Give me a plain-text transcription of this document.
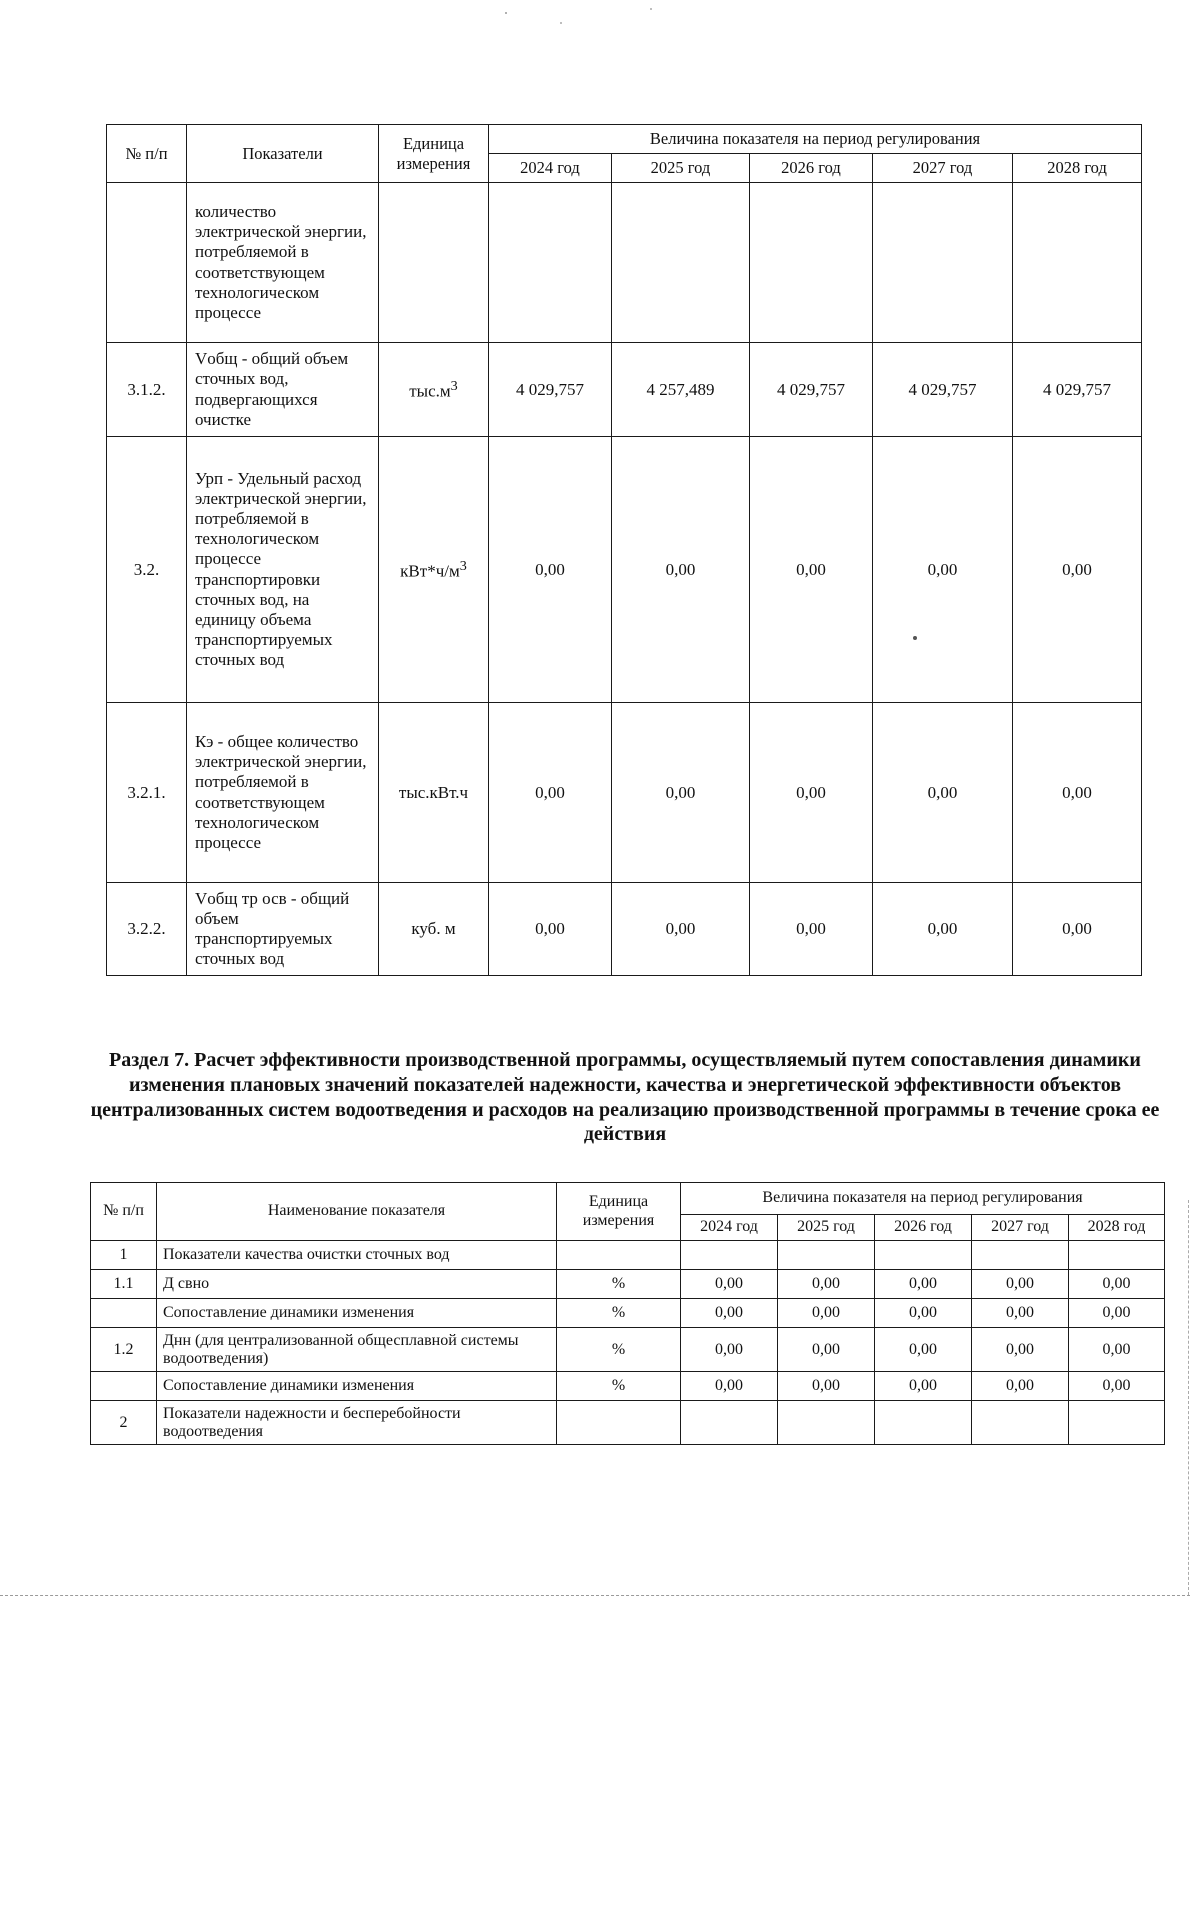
№ п/п	Показатели	Единица измерения	Величина показателя на период регулирования				
			2024 год	2025 год	2026 год	2027 год	2028 год
	количество электрической энергии, потребляемой в соответствующем технологическом процессе						
3.1.2.	Vобщ - общий объем сточных вод, подвергающихся очистке	$тыс.м^3$	4 029,757	4 257,489	4 029,757	4 029,757	4 029,757
3.2.	Урп - Удельный расход электрической энергии, потребляемой в технологическом процессе транспортировки сточных вод, на единицу объема транспортируемых сточных вод	$кВт*ч/м^3$	0,00	0,00	0,00	0,00	0,00
3.2.1.	Кэ - общее количество электрической энергии, потребляемой в соответствующем технологическом процессе	тыс.кВт.ч	0,00	0,00	0,00	0,00	0,00
3.2.2.	Vобщ тр осв - общий объем транспортируемых сточных вод	куб. м	0,00	0,00	0,00	0,00	0,00
Раздел 7. Расчет эффективности производственной программы, осуществляемый путем сопоставления динамики изменения плановых значений показателей надежности, качества и энергетической эффективности объектов централизованных систем водоотведения и расходов на реализацию производственной программы в течение срока ее действия
№ п/п	Наименование показателя	Единица измерения	Величина показателя на период регулирования				
			2024 год	2025 год	2026 год	2027 год	2028 год
1	Показатели качества очистки сточных вод						
1.1	Д свно	%	0,00	0,00	0,00	0,00	0,00
	Сопоставление динамики изменения	%	0,00	0,00	0,00	0,00	0,00
1.2	Днн (для централизованной общесплавной системы водоотведения)	%	0,00	0,00	0,00	0,00	0,00
	Сопоставление динамики изменения	%	0,00	0,00	0,00	0,00	0,00
2	Показатели надежности и бесперебойности водоотведения						
